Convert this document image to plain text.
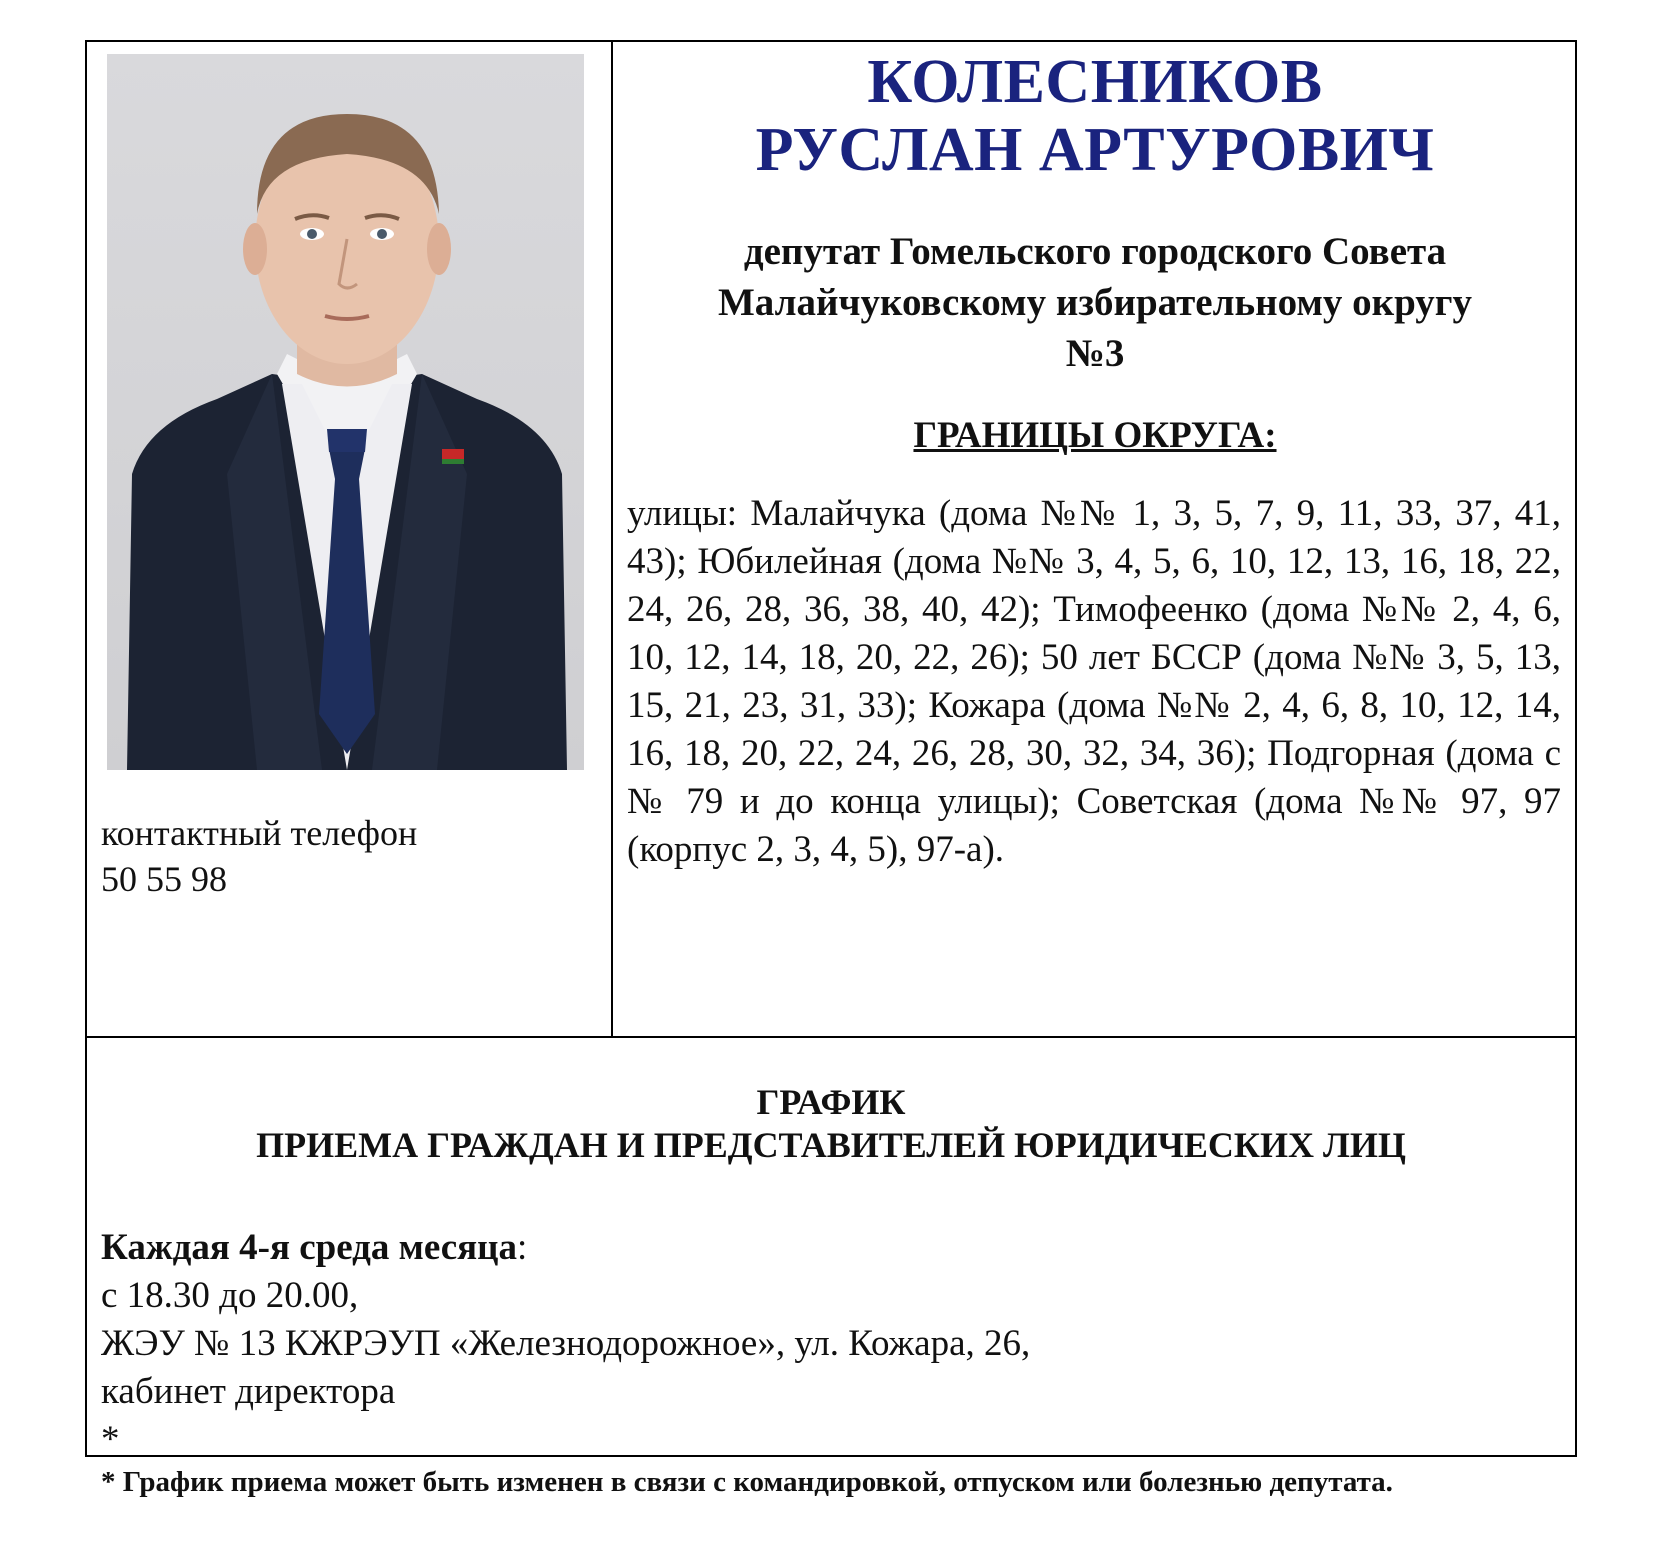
контактный телефон
50 55 98
КОЛЕСНИКОВ
РУСЛАН АРТУРОВИЧ
депутат Гомельского городского Совета
Малайчуковскому избирательному округу
№3
ГРАНИЦЫ ОКРУГА:
улицы: Малайчука (дома №№ 1, 3, 5, 7, 9, 11, 33, 37, 41, 43); Юбилейная (дома №№ 3, 4, 5, 6, 10, 12, 13, 16, 18, 22, 24, 26, 28, 36, 38, 40, 42); Тимофеенко (дома №№ 2, 4, 6, 10, 12, 14, 18, 20, 22, 26); 50 лет БССР (дома №№ 3, 5, 13, 15, 21, 23, 31, 33); Кожара (дома №№ 2, 4, 6, 8, 10, 12, 14, 16, 18, 20, 22, 24, 26, 28, 30, 32, 34, 36); Подгорная (дома с № 79 и до конца улицы); Советская (дома №№ 97, 97 (корпус 2, 3, 4, 5), 97-а).
ГРАФИК
ПРИЕМА ГРАЖДАН И ПРЕДСТАВИТЕЛЕЙ ЮРИДИЧЕСКИХ ЛИЦ
Каждая 4-я среда месяца:
с 18.30 до 20.00,
ЖЭУ № 13 КЖРЭУП «Железнодорожное», ул. Кожара, 26,
кабинет директора
*
* График приема может быть изменен в связи с командировкой, отпуском или болезнью депутата.
